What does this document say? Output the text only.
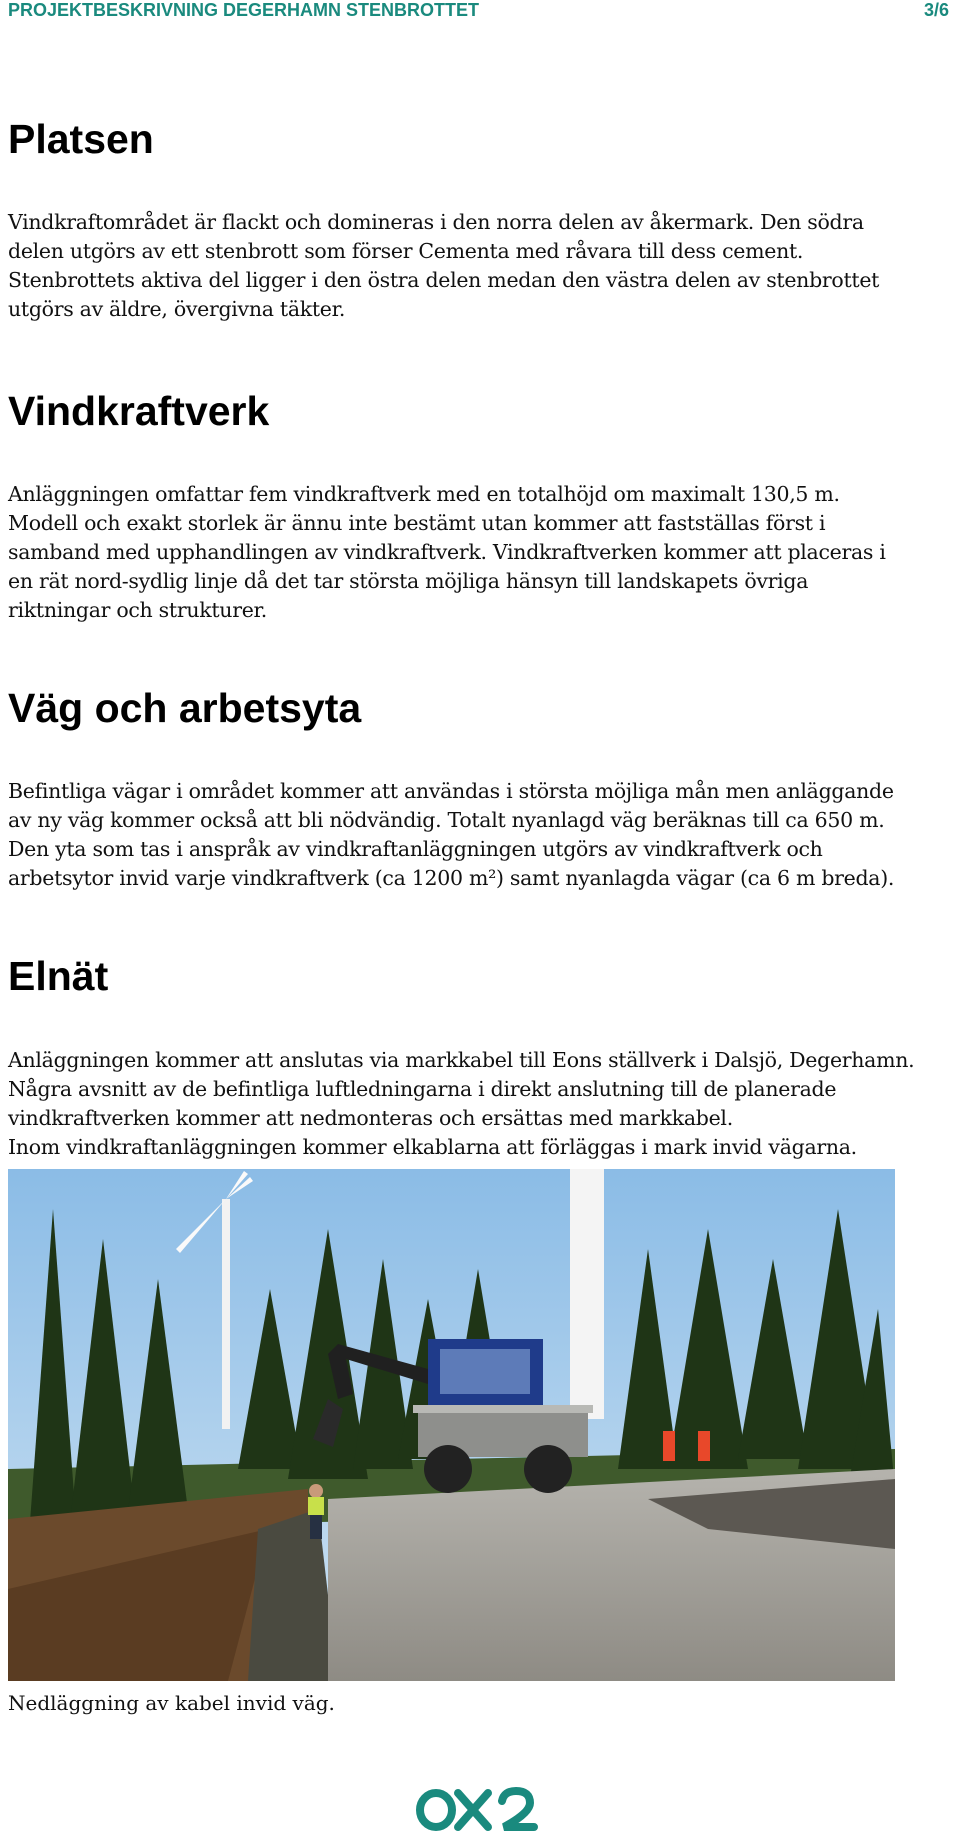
PROJEKTBESKRIVNING DEGERHAMN STENBROTTET	3/6
Platsen

Vindkraftområdet är flackt och domineras i den norra delen av åkermark. Den södra
delen utgörs av ett stenbrott som förser Cementa med råvara till dess cement.
Stenbrottets aktiva del ligger i den östra delen medan den västra delen av stenbrottet
utgörs av äldre, övergivna täkter.

Vindkraftverk

Anläggningen omfattar fem vindkraftverk med en totalhöjd om maximalt 130,5 m.
Modell och exakt storlek är ännu inte bestämt utan kommer att fastställas först i
samband med upphandlingen av vindkraftverk. Vindkraftverken kommer att placeras i
en rät nord-sydlig linje då det tar största möjliga hänsyn till landskapets övriga
riktningar och strukturer.

Väg och arbetsyta

Befintliga vägar i området kommer att användas i största möjliga mån men anläggande
av ny väg kommer också att bli nödvändig. Totalt nyanlagd väg beräknas till ca 650 m.
Den yta som tas i anspråk av vindkraftanläggningen utgörs av vindkraftverk och
arbetsytor invid varje vindkraftverk (ca 1200 m²) samt nyanlagda vägar (ca 6 m breda).

Elnät

Anläggningen kommer att anslutas via markkabel till Eons ställverk i Dalsjö, Degerhamn.
Några avsnitt av de befintliga luftledningarna i direkt anslutning till de planerade
vindkraftverken kommer att nedmonteras och ersättas med markkabel.
Inom vindkraftanläggningen kommer elkablarna att förläggas i mark invid vägarna.

Nedläggning av kabel invid väg.
